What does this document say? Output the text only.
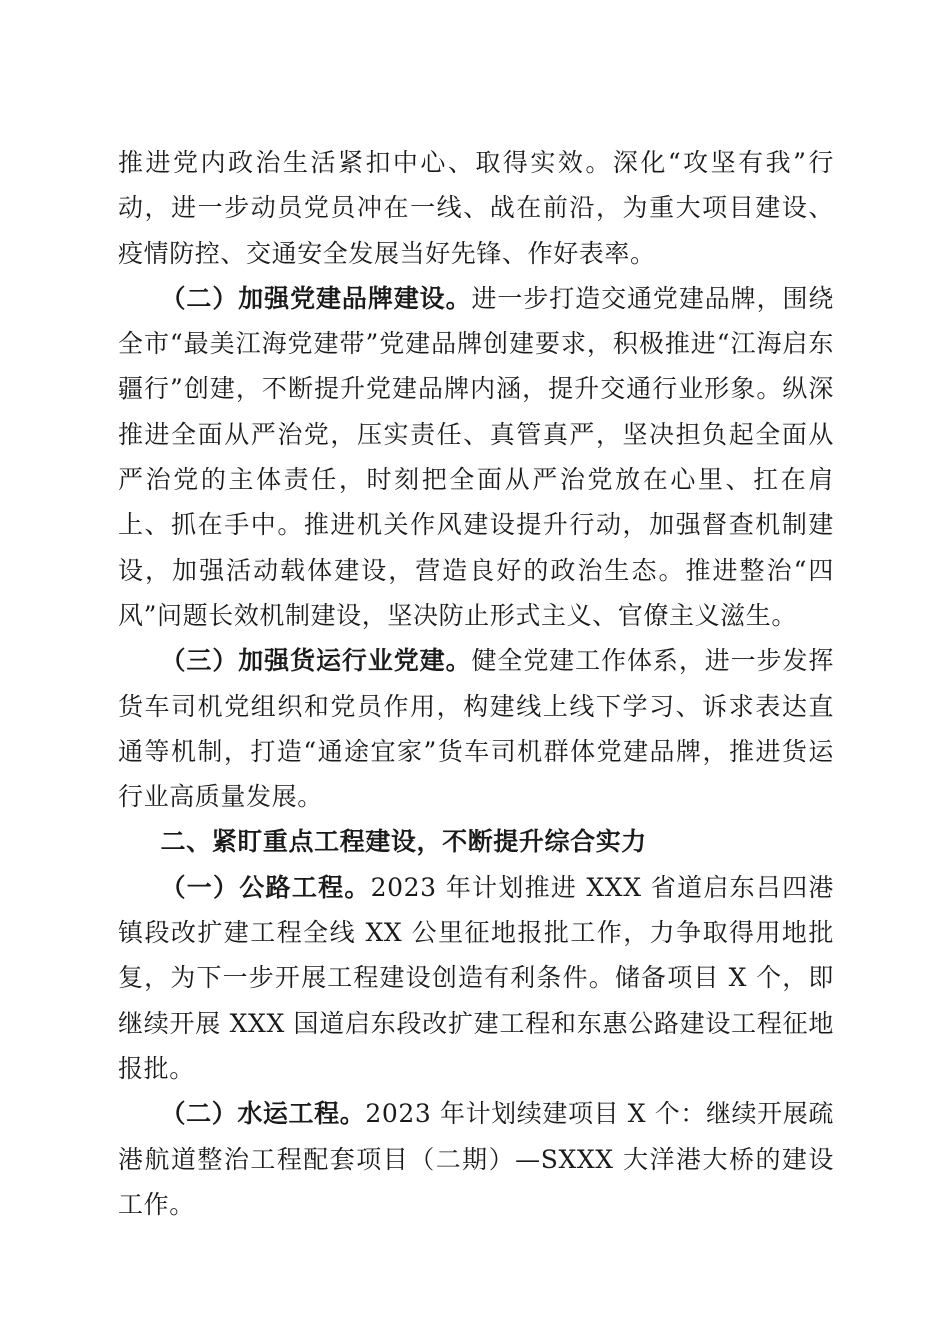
推进党内政治生活紧扣中心、取得实效。深化“攻坚有我”行动，进一步动员党员冲在一线、战在前沿，为重大项目建设、疫情防控、交通安全发展当好先锋、作好表率。

（二）加强党建品牌建设。进一步打造交通党建品牌，围绕全市“最美江海党建带”党建品牌创建要求，积极推进“江海启东疆行”创建，不断提升党建品牌内涵，提升交通行业形象。纵深推进全面从严治党，压实责任、真管真严，坚决担负起全面从严治党的主体责任，时刻把全面从严治党放在心里、扛在肩上、抓在手中。推进机关作风建设提升行动，加强督查机制建设，加强活动载体建设，营造良好的政治生态。推进整治“四风”问题长效机制建设，坚决防止形式主义、官僚主义滋生。

（三）加强货运行业党建。健全党建工作体系，进一步发挥货车司机党组织和党员作用，构建线上线下学习、诉求表达直通等机制，打造“通途宜家”货车司机群体党建品牌，推进货运行业高质量发展。

二、紧盯重点工程建设，不断提升综合实力

（一）公路工程。2023 年计划推进 XXX 省道启东吕四港镇段改扩建工程全线 XX 公里征地报批工作，力争取得用地批复，为下一步开展工程建设创造有利条件。储备项目 X 个，即继续开展 XXX 国道启东段改扩建工程和东惠公路建设工程征地报批。

（二）水运工程。2023 年计划续建项目 X 个：继续开展疏港航道整治工程配套项目（二期）—SXXX 大洋港大桥的建设工作。
